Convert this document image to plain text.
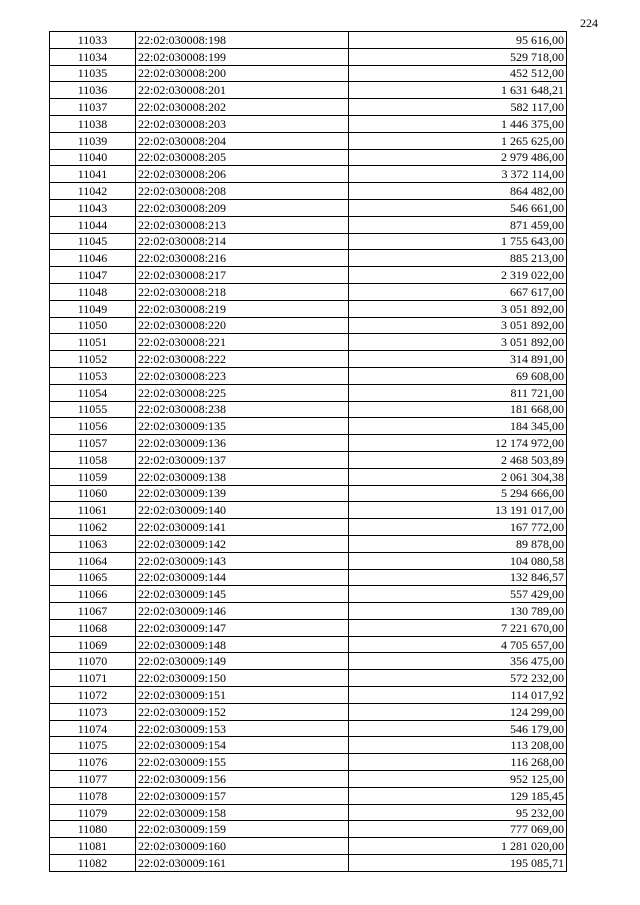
224
11033	22:02:030008:198	95 616,00
11034	22:02:030008:199	529 718,00
11035	22:02:030008:200	452 512,00
11036	22:02:030008:201	1 631 648,21
11037	22:02:030008:202	582 117,00
11038	22:02:030008:203	1 446 375,00
11039	22:02:030008:204	1 265 625,00
11040	22:02:030008:205	2 979 486,00
11041	22:02:030008:206	3 372 114,00
11042	22:02:030008:208	864 482,00
11043	22:02:030008:209	546 661,00
11044	22:02:030008:213	871 459,00
11045	22:02:030008:214	1 755 643,00
11046	22:02:030008:216	885 213,00
11047	22:02:030008:217	2 319 022,00
11048	22:02:030008:218	667 617,00
11049	22:02:030008:219	3 051 892,00
11050	22:02:030008:220	3 051 892,00
11051	22:02:030008:221	3 051 892,00
11052	22:02:030008:222	314 891,00
11053	22:02:030008:223	69 608,00
11054	22:02:030008:225	811 721,00
11055	22:02:030008:238	181 668,00
11056	22:02:030009:135	184 345,00
11057	22:02:030009:136	12 174 972,00
11058	22:02:030009:137	2 468 503,89
11059	22:02:030009:138	2 061 304,38
11060	22:02:030009:139	5 294 666,00
11061	22:02:030009:140	13 191 017,00
11062	22:02:030009:141	167 772,00
11063	22:02:030009:142	89 878,00
11064	22:02:030009:143	104 080,58
11065	22:02:030009:144	132 846,57
11066	22:02:030009:145	557 429,00
11067	22:02:030009:146	130 789,00
11068	22:02:030009:147	7 221 670,00
11069	22:02:030009:148	4 705 657,00
11070	22:02:030009:149	356 475,00
11071	22:02:030009:150	572 232,00
11072	22:02:030009:151	114 017,92
11073	22:02:030009:152	124 299,00
11074	22:02:030009:153	546 179,00
11075	22:02:030009:154	113 208,00
11076	22:02:030009:155	116 268,00
11077	22:02:030009:156	952 125,00
11078	22:02:030009:157	129 185,45
11079	22:02:030009:158	95 232,00
11080	22:02:030009:159	777 069,00
11081	22:02:030009:160	1 281 020,00
11082	22:02:030009:161	195 085,71
